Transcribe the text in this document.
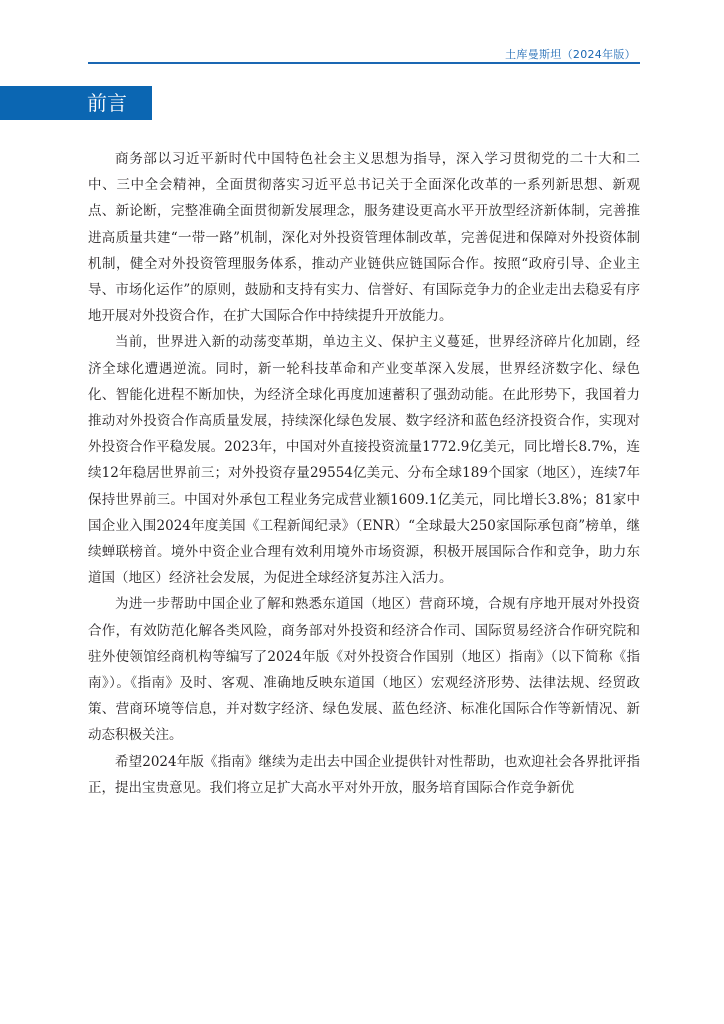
土库曼斯坦（2024年版）
前言

商务部以习近平新时代中国特色社会主义思想为指导，深入学习贯彻党的二十大和二中、三中全会精神，全面贯彻落实习近平总书记关于全面深化改革的一系列新思想、新观点、新论断，完整准确全面贯彻新发展理念，服务建设更高水平开放型经济新体制，完善推进高质量共建“一带一路”机制，深化对外投资管理体制改革，完善促进和保障对外投资体制机制，健全对外投资管理服务体系，推动产业链供应链国际合作。按照“政府引导、企业主导、市场化运作”的原则，鼓励和支持有实力、信誉好、有国际竞争力的企业走出去稳妥有序地开展对外投资合作，在扩大国际合作中持续提升开放能力。

当前，世界进入新的动荡变革期，单边主义、保护主义蔓延，世界经济碎片化加剧，经济全球化遭遇逆流。同时，新一轮科技革命和产业变革深入发展，世界经济数字化、绿色化、智能化进程不断加快，为经济全球化再度加速蓄积了强劲动能。在此形势下，我国着力推动对外投资合作高质量发展，持续深化绿色发展、数字经济和蓝色经济投资合作，实现对外投资合作平稳发展。2023年，中国对外直接投资流量1772.9亿美元，同比增长8.7%，连续12年稳居世界前三；对外投资存量29554亿美元、分布全球189个国家（地区），连续7年保持世界前三。中国对外承包工程业务完成营业额1609.1亿美元，同比增长3.8%；81家中国企业入围2024年度美国《工程新闻纪录》（ENR）“全球最大250家国际承包商”榜单，继续蝉联榜首。境外中资企业合理有效利用境外市场资源，积极开展国际合作和竞争，助力东道国（地区）经济社会发展，为促进全球经济复苏注入活力。

为进一步帮助中国企业了解和熟悉东道国（地区）营商环境，合规有序地开展对外投资合作，有效防范化解各类风险，商务部对外投资和经济合作司、国际贸易经济合作研究院和驻外使领馆经商机构等编写了2024年版《对外投资合作国别（地区）指南》（以下简称《指南》）。《指南》及时、客观、准确地反映东道国（地区）宏观经济形势、法律法规、经贸政策、营商环境等信息，并对数字经济、绿色发展、蓝色经济、标准化国际合作等新情况、新动态积极关注。

希望2024年版《指南》继续为走出去中国企业提供针对性帮助，也欢迎社会各界批评指正，提出宝贵意见。我们将立足扩大高水平对外开放，服务培育国际合作竞争新优
